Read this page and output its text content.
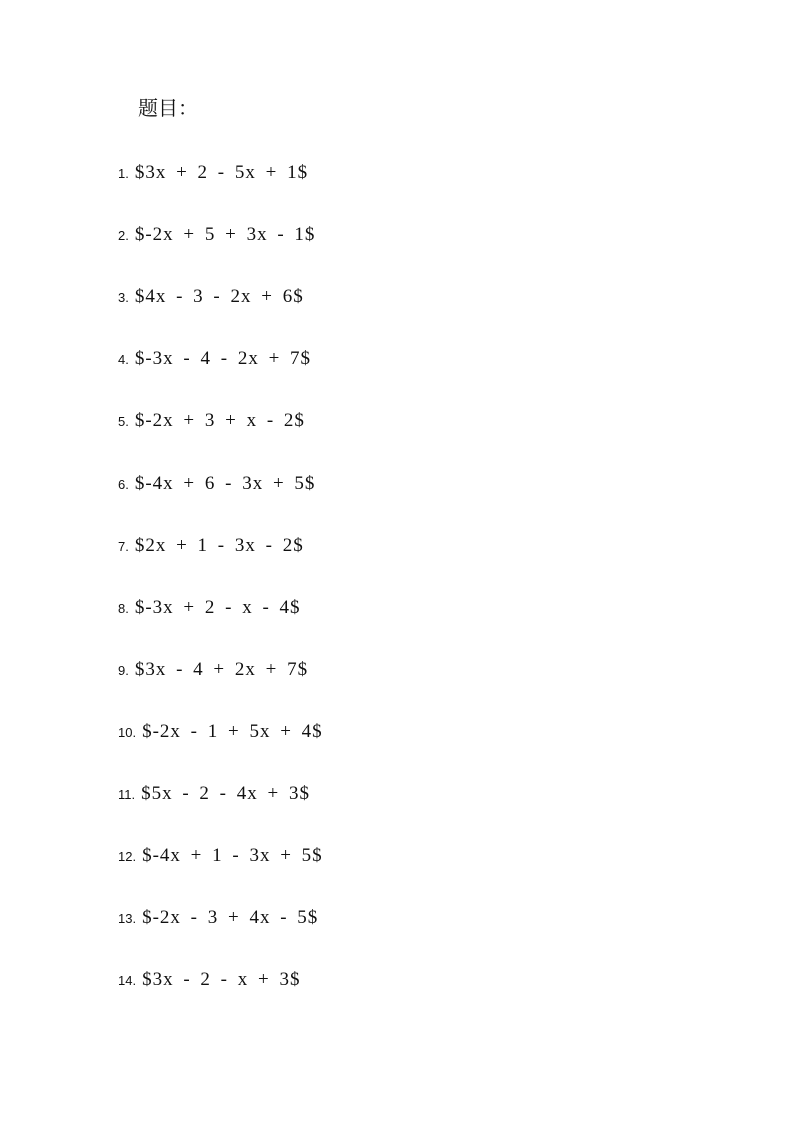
题目：
1. $3x + 2 - 5x + 1$
2. $-2x + 5 + 3x - 1$
3. $4x - 3 - 2x + 6$
4. $-3x - 4 - 2x + 7$
5. $-2x + 3 + x - 2$
6. $-4x + 6 - 3x + 5$
7. $2x + 1 - 3x - 2$
8. $-3x + 2 - x - 4$
9. $3x - 4 + 2x + 7$
10. $-2x - 1 + 5x + 4$
11. $5x - 2 - 4x + 3$
12. $-4x + 1 - 3x + 5$
13. $-2x - 3 + 4x - 5$
14. $3x - 2 - x + 3$
